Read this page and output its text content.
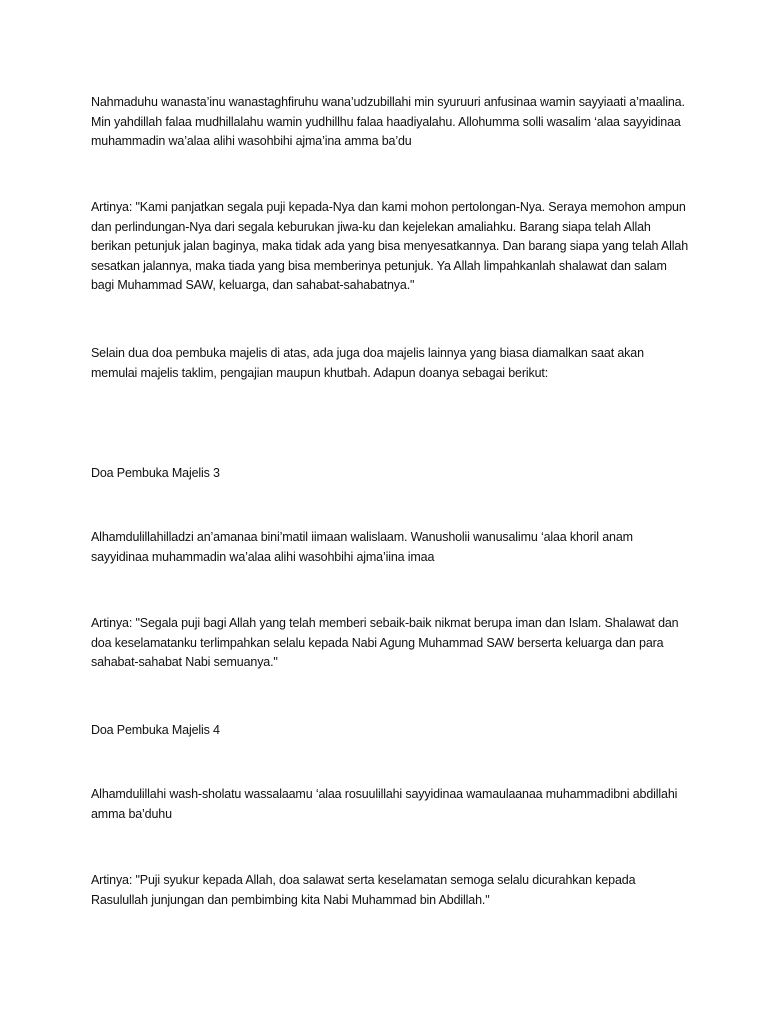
Nahmaduhu wanasta’inu wanastaghfiruhu wana’udzubillahi min syuruuri anfusinaa wamin sayyiaati a’maalina. Min yahdillah falaa mudhillalahu wamin yudhillhu falaa haadiyalahu. Allohumma solli wasalim ‘alaa sayyidinaa muhammadin wa’alaa alihi wasohbihi ajma’ina amma ba’du

Artinya: "Kami panjatkan segala puji kepada-Nya dan kami mohon pertolongan-Nya. Seraya memohon ampun dan perlindungan-Nya dari segala keburukan jiwa-ku dan kejelekan amaliahku. Barang siapa telah Allah berikan petunjuk jalan baginya, maka tidak ada yang bisa menyesatkannya. Dan barang siapa yang telah Allah sesatkan jalannya, maka tiada yang bisa memberinya petunjuk. Ya Allah limpahkanlah shalawat dan salam bagi Muhammad SAW, keluarga, dan sahabat-sahabatnya."

Selain dua doa pembuka majelis di atas, ada juga doa majelis lainnya yang biasa diamalkan saat akan memulai majelis taklim, pengajian maupun khutbah. Adapun doanya sebagai berikut:

Doa Pembuka Majelis 3

Alhamdulillahilladzi an’amanaa bini’matil iimaan walislaam. Wanusholii wanusalimu ‘alaa khoril anam sayyidinaa muhammadin wa’alaa alihi wasohbihi ajma’iina imaa

Artinya: "Segala puji bagi Allah yang telah memberi sebaik-baik nikmat berupa iman dan Islam. Shalawat dan doa keselamatanku terlimpahkan selalu kepada Nabi Agung Muhammad SAW berserta keluarga dan para sahabat-sahabat Nabi semuanya."

Doa Pembuka Majelis 4

Alhamdulillahi wash-sholatu wassalaamu ‘alaa rosuulillahi sayyidinaa wamaulaanaa muhammadibni abdillahi amma ba’duhu

Artinya: "Puji syukur kepada Allah, doa salawat serta keselamatan semoga selalu dicurahkan kepada Rasulullah junjungan dan pembimbing kita Nabi Muhammad bin Abdillah."
